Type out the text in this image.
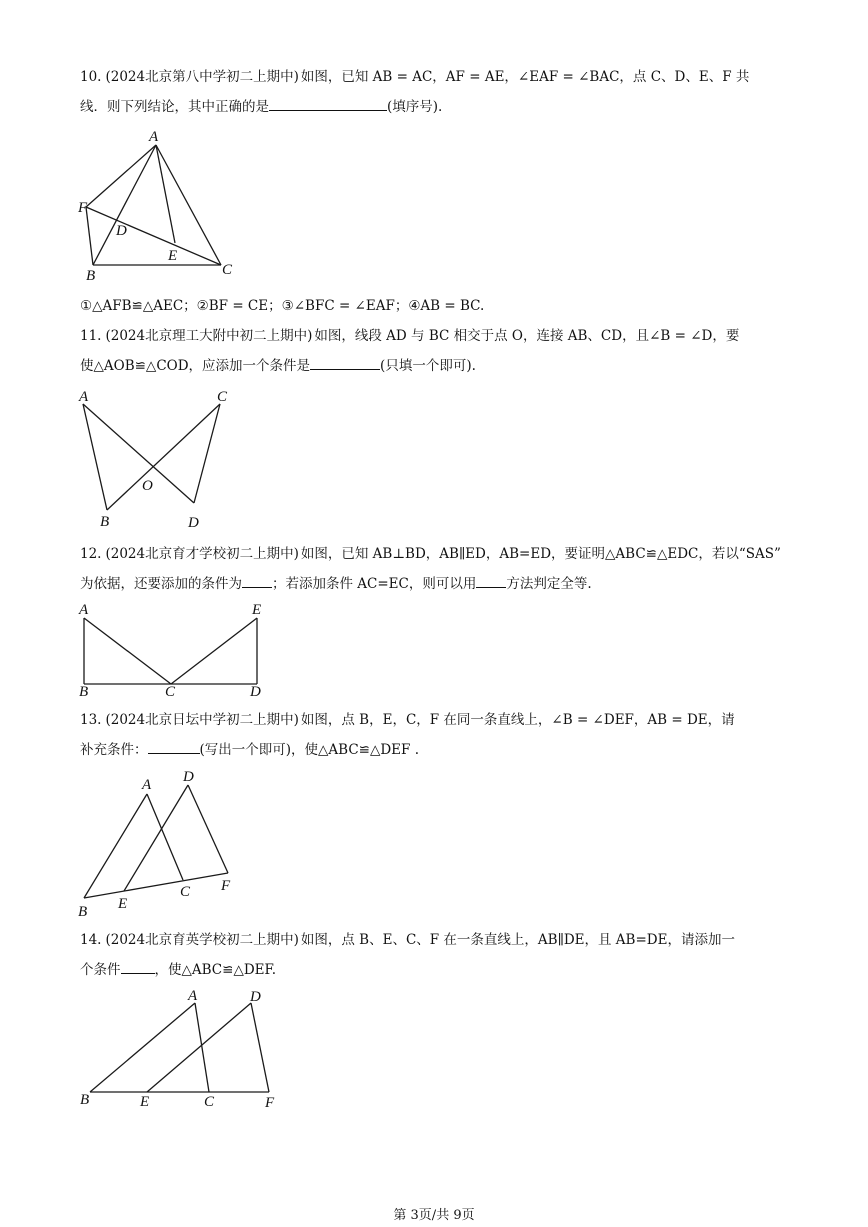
10. (2024北京第八中学初二上期中) 如图，已知 AB = AC，AF = AE，∠EAF = ∠BAC，点 C、D、E、F 共

线．则下列结论，其中正确的是	(填序号).

A
F
D
E
B	C
①△AFB≌△AEC；②BF = CE；③∠BFC = ∠EAF；④AB = BC.

11. (2024北京理工大附中初二上期中) 如图，线段 AD 与 BC 相交于点 O，连接 AB、CD，且∠B = ∠D，要

使△AOB≌△COD，应添加一个条件是	(只填一个即可).

A	C
O
B	D

12. (2024北京育才学校初二上期中) 如图，已知 AB⊥BD，AB∥ED，AB=ED，要证明△ABC≌△EDC，若以“SAS”

为依据，还要添加的条件为 ；若添加条件 AC=EC，则可以用 方法判定全等.

A	E
B	C	D

13. (2024北京日坛中学初二上期中) 如图，点 B，E，C，F 在同一条直线上，∠B = ∠DEF，AB = DE，请

补充条件：	(写出一个即可)，使△ABC≌△DEF .

A D
C F
E
B

14. (2024北京育英学校初二上期中) 如图，点 B、E、C、F 在一条直线上，AB∥DE，且 AB=DE，请添加一

个条件	，使△ABC≌△DEF.

A	D
B	E	C	F
第 3页/共 9页
